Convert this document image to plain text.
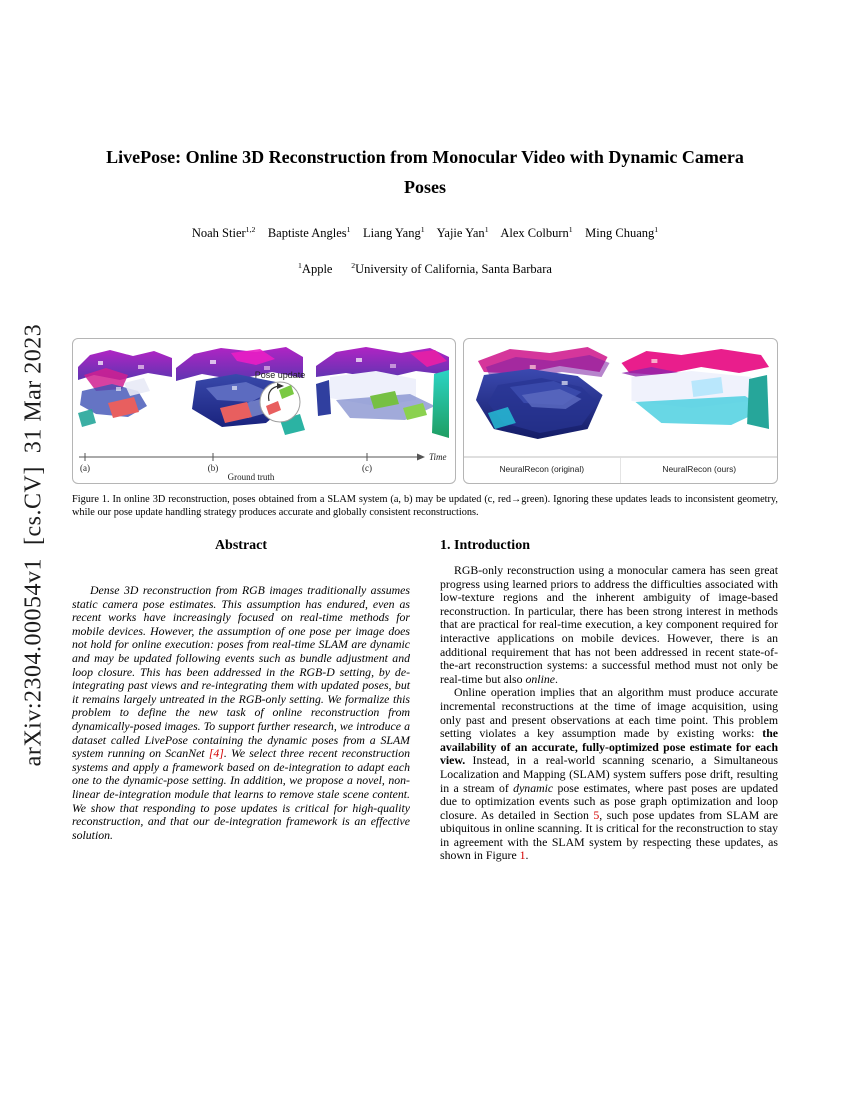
arXiv:2304.00054v1  [cs.CV]  31 Mar 2023
LivePose: Online 3D Reconstruction from Monocular Video with Dynamic Camera Poses
Noah Stier$^{1,2}$ Baptiste Angles$^1$ Liang Yang$^1$ Yajie Yan$^1$ Alex Colburn$^1$ Ming Chuang$^1$
$^1$Apple $^2$University of California, Santa Barbara
Pose update
(a)	(b)	(c)
Time
Ground truth
NeuralRecon (original)	NeuralRecon (ours)
Figure 1. In online 3D reconstruction, poses obtained from a SLAM system (a, b) may be updated (c, red→green). Ignoring these updates leads to inconsistent geometry, while our pose update handling strategy produces accurate and globally consistent reconstructions.
Abstract

Dense 3D reconstruction from RGB images traditionally assumes static camera pose estimates. This assumption has endured, even as recent works have increasingly focused on real-time methods for mobile devices. However, the assumption of one pose per image does not hold for online execution: poses from real-time SLAM are dynamic and may be updated following events such as bundle adjustment and loop closure. This has been addressed in the RGB-D setting, by de-integrating past views and re-integrating them with updated poses, but it remains largely untreated in the RGB-only setting. We formalize this problem to define the new task of online reconstruction from dynamically-posed images. To support further research, we introduce a dataset called LivePose containing the dynamic poses from a SLAM system running on ScanNet [4]. We select three recent reconstruction systems and apply a framework based on de-integration to adapt each one to the dynamic-pose setting. In addition, we propose a novel, non-linear de-integration module that learns to remove stale scene content. We show that responding to pose updates is critical for high-quality reconstruction, and that our de-integration framework is an effective solution.

1. Introduction

RGB-only reconstruction using a monocular camera has seen great progress using learned priors to address the difficulties associated with low-texture regions and the inherent ambiguity of image-based reconstruction. In particular, there has been strong interest in methods that are practical for real-time execution, a key component required for interactive applications on mobile devices. However, there is an additional requirement that has not been addressed in recent state-of-the-art reconstruction systems: a successful method must not only be real-time but also online.

Online operation implies that an algorithm must produce accurate incremental reconstructions at the time of image acquisition, using only past and present observations at each time point. This problem setting violates a key assumption made by existing works: the availability of an accurate, fully-optimized pose estimate for each view. Instead, in a real-world scanning scenario, a Simultaneous Localization and Mapping (SLAM) system suffers pose drift, resulting in a stream of dynamic pose estimates, where past poses are updated due to optimization events such as pose graph optimization and loop closure. As detailed in Section 5, such pose updates from SLAM are ubiquitous in online scanning. It is critical for the reconstruction to stay in agreement with the SLAM system by respecting these updates, as shown in Figure 1.
